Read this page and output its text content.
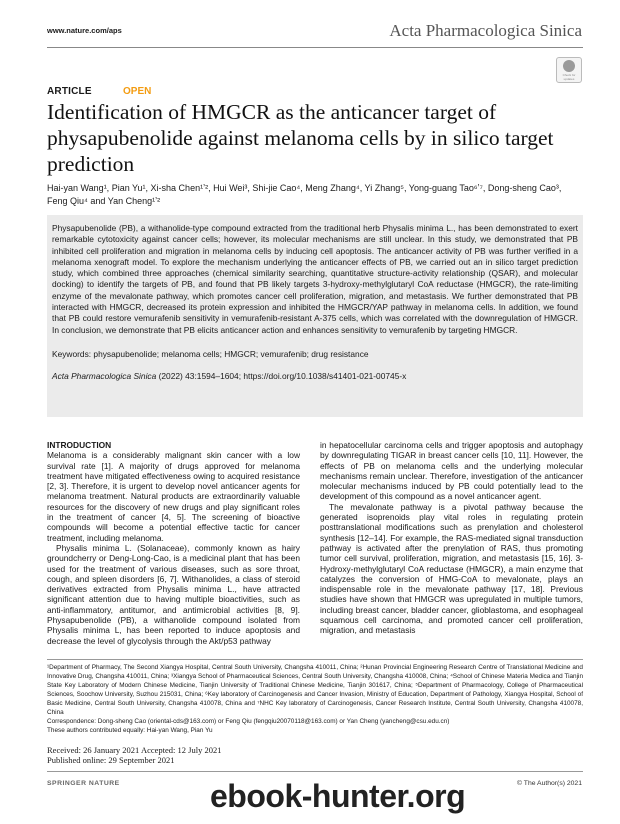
www.nature.com/aps	Acta Pharmacologica Sinica
Check for updates
ARTICLE	OPEN
Identification of HMGCR as the anticancer target of physapubenolide against melanoma cells by in silico target prediction
Hai-yan Wang¹, Pian Yu¹, Xi-sha Chen¹ʼ², Hui Wei³, Shi-jie Cao⁴, Meng Zhang⁴, Yi Zhang⁵, Yong-guang Tao⁶ʼ⁷, Dong-sheng Cao³, Feng Qiu⁴ and Yan Cheng¹ʼ²
Physapubenolide (PB), a withanolide-type compound extracted from the traditional herb Physalis minima L., has been demonstrated to exert remarkable cytotoxicity against cancer cells; however, its molecular mechanisms are still unclear. In this study, we demonstrated that PB inhibited cell proliferation and migration in melanoma cells by inducing cell apoptosis. The anticancer activity of PB was further verified in a melanoma xenograft model. To explore the mechanism underlying the anticancer effects of PB, we carried out an in silico target prediction study, which combined three approaches (chemical similarity searching, quantitative structure-activity relationship (QSAR), and molecular docking) to identify the targets of PB, and found that PB likely targets 3-hydroxy-methylglutaryl CoA reductase (HMGCR), the rate-limiting enzyme of the mevalonate pathway, which promotes cancer cell proliferation, migration, and metastasis. We further demonstrated that PB interacted with HMGCR, decreased its protein expression and inhibited the HMGCR/YAP pathway in melanoma cells. In addition, we found that PB could restore vemurafenib sensitivity in vemurafenib-resistant A-375 cells, which was correlated with the downregulation of HMGCR. In conclusion, we demonstrate that PB elicits anticancer action and enhances sensitivity to vemurafenib by targeting HMGCR.
Keywords: physapubenolide; melanoma cells; HMGCR; vemurafenib; drug resistance
Acta Pharmacologica Sinica (2022) 43:1594–1604; https://doi.org/10.1038/s41401-021-00745-x
INTRODUCTION

Melanoma is a considerably malignant skin cancer with a low survival rate [1]. A majority of drugs approved for melanoma treatment have mitigated effectiveness owing to acquired resistance [2, 3]. Therefore, it is urgent to develop novel anticancer agents for melanoma treatment. Natural products are extraordinarily valuable resources for the discovery of new drugs and play significant roles in the treatment of cancer [4, 5]. The screening of bioactive compounds will become a potential effective tactic for cancer treatment, including melanoma.

Physalis minima L. (Solanaceae), commonly known as hairy groundcherry or Deng-Long-Cao, is a medicinal plant that has been used for the treatment of various diseases, such as sore throat, cough, and spleen disorders [6, 7]. Withanolides, a class of steroid derivatives extracted from Physalis minima L., have attracted significant attention due to having multiple bioactivities, such as anti-inflammatory, antitumor, and antimicrobial activities [8, 9]. Physapubenolide (PB), a withanolide compound isolated from Physalis minima L, has been reported to induce apoptosis and decrease the level of glycolysis through the Akt/p53 pathway

in hepatocellular carcinoma cells and trigger apoptosis and autophagy by downregulating TIGAR in breast cancer cells [10, 11]. However, the effects of PB on melanoma cells and the underlying molecular mechanisms remain unclear. Therefore, investigation of the anticancer molecular mechanisms induced by PB could potentially lead to the development of this compound as a novel anticancer agent.

The mevalonate pathway is a pivotal pathway because the generated isoprenoids play vital roles in regulating protein posttranslational modifications such as prenylation and cholesterol synthesis [12–14]. For example, the RAS-mediated signal transduction pathway is activated after the prenylation of RAS, thus promoting tumor cell survival, proliferation, migration, and metastasis [15, 16]. 3-Hydroxy-methylglutaryl CoA reductase (HMGCR), a main enzyme that catalyzes the conversion of HMG-CoA to mevalonate, plays an indispensable role in the mevalonate pathway [17, 18]. Previous studies have shown that HMGCR was upregulated in multiple tumors, including breast cancer, bladder cancer, glioblastoma, and esophageal squamous cell carcinoma, and promoted cancer cell proliferation, migration, and metastasis

¹Department of Pharmacy, The Second Xiangya Hospital, Central South University, Changsha 410011, China; ²Hunan Provincial Engineering Research Centre of Translational Medicine and Innovative Drug, Changsha 410011, China; ³Xiangya School of Pharmaceutical Sciences, Central South University, Changsha 410008, China; ⁴School of Chinese Materia Medica and Tianjin State Key Laboratory of Modern Chinese Medicine, Tianjin University of Traditional Chinese Medicine, Tianjin 301617, China; ⁵Department of Pharmacology, College of Pharmaceutical Sciences, Soochow University, Suzhou 215031, China; ⁶Key laboratory of Carcinogenesis and Cancer Invasion, Ministry of Education, Department of Pathology, Xiangya Hospital, School of Basic Medicine, Central South University, Changsha 410078, China and ⁷NHC Key laboratory of Carcinogenesis, Cancer Research Institute, Central South University, Changsha 410078, China
Correspondence: Dong-sheng Cao (oriental-cds@163.com) or Feng Qiu (fengqiu20070118@163.com) or Yan Cheng (yancheng@csu.edu.cn)
These authors contributed equally: Hai-yan Wang, Pian Yu
Received: 26 January 2021 Accepted: 12 July 2021
Published online: 29 September 2021
SPRINGER NATURE	© The Author(s) 2021
ebook-hunter.org
